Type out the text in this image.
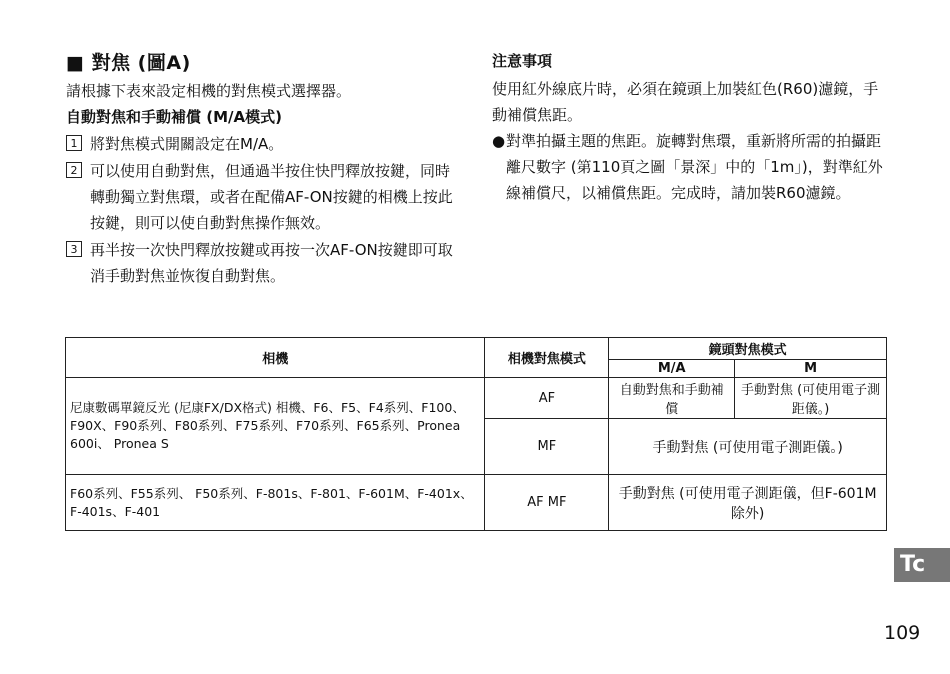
■ 對焦 (圖A)
請根據下表來設定相機的對焦模式選擇器。
自動對焦和手動補償 (M/A模式)
1 將對焦模式開關設定在M/A。
2 可以使用自動對焦，但通過半按住快門釋放按鍵，同時轉動獨立對焦環，或者在配備AF-ON按鍵的相機上按此按鍵，則可以使自動對焦操作無效。
3 再半按一次快門釋放按鍵或再按一次AF-ON按鍵即可取消手動對焦並恢復自動對焦。
注意事項
使用紅外線底片時，必須在鏡頭上加裝紅色(R60)濾鏡，手動補償焦距。
● 對準拍攝主題的焦距。旋轉對焦環，重新將所需的拍攝距離尺數字 (第110頁之圖「景深」中的「1m」)，對準紅外線補償尺，以補償焦距。完成時，請加裝R60濾鏡。
相機	相機對焦模式	鏡頭對焦模式	
		M/A	M
尼康數碼單鏡反光 (尼康FX/DX格式) 相機、F6、F5、F4系列、F100、F90X、F90系列、F80系列、F75系列、F70系列、F65系列、Pronea 600i、 Pronea S	AF	自動對焦和手動補償	手動對焦 (可使用電子測距儀。)
	MF	手動對焦 (可使用電子測距儀。)	
F60系列、F55系列、 F50系列、F-801s、F-801、F-601M、F-401x、F-401s、F-401	AF MF	手動對焦 (可使用電子測距儀，但F-601M除外)	
Tc
109
